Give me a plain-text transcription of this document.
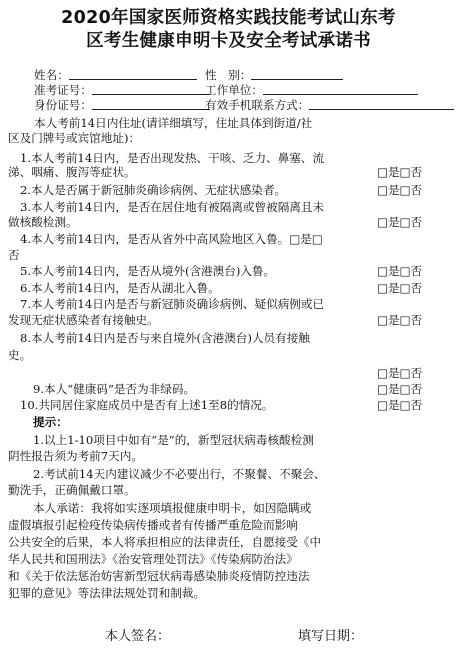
2020年国家医师资格实践技能考试山东考
区考生健康申明卡及安全考试承诺书
姓名：	性　别：
准考证号：	工作单位：
身份证号：	有效手机联系方式：
本人考前14日内住址(请详细填写，住址具体到街道/社
区及门牌号或宾馆地址)：
1.本人考前14日内，是否出现发热、干咳、乏力、鼻塞、流
涕、咽痛、腹泻等症状。	□是□否
2.本人是否属于新冠肺炎确诊病例、无症状感染者。	□是□否
3.本人考前14日内，是否在居住地有被隔离或曾被隔离且未
做核酸检测。	□是□否
4.本人考前14日内，是否从省外中高风险地区入鲁。□是□
否
5.本人考前14日内，是否从境外(含港澳台)入鲁。	□是□否
6.本人考前14日内，是否从湖北入鲁。	□是□否
7.本人考前14日内是否与新冠肺炎确诊病例、疑似病例或已
发现无症状感染者有接触史。	□是□否
8.本人考前14日内是否与来自境外(含港澳台)人员有接触
史。
□是□否
9.本人“健康码”是否为非绿码。	□是□否
10.共同居住家庭成员中是否有上述1至8的情况。	□是□否
提示：
1.以上1-10项目中如有“是”的，新型冠状病毒核酸检测
阴性报告须为考前7天内。
2.考试前14天内建议减少不必要出行，不聚餐、不聚会、
勤洗手，正确佩戴口罩。
本人承诺：我将如实逐项填报健康申明卡，如因隐瞒或
虚假填报引起检疫传染病传播或者有传播严重危险而影响
公共安全的后果，本人将承担相应的法律责任，自愿接受《中
华人民共和国刑法》《治安管理处罚法》《传染病防治法》
和《关于依法惩治妨害新型冠状病毒感染肺炎疫情防控违法
犯罪的意见》等法律法规处罚和制裁。
本人签名：	填写日期：
